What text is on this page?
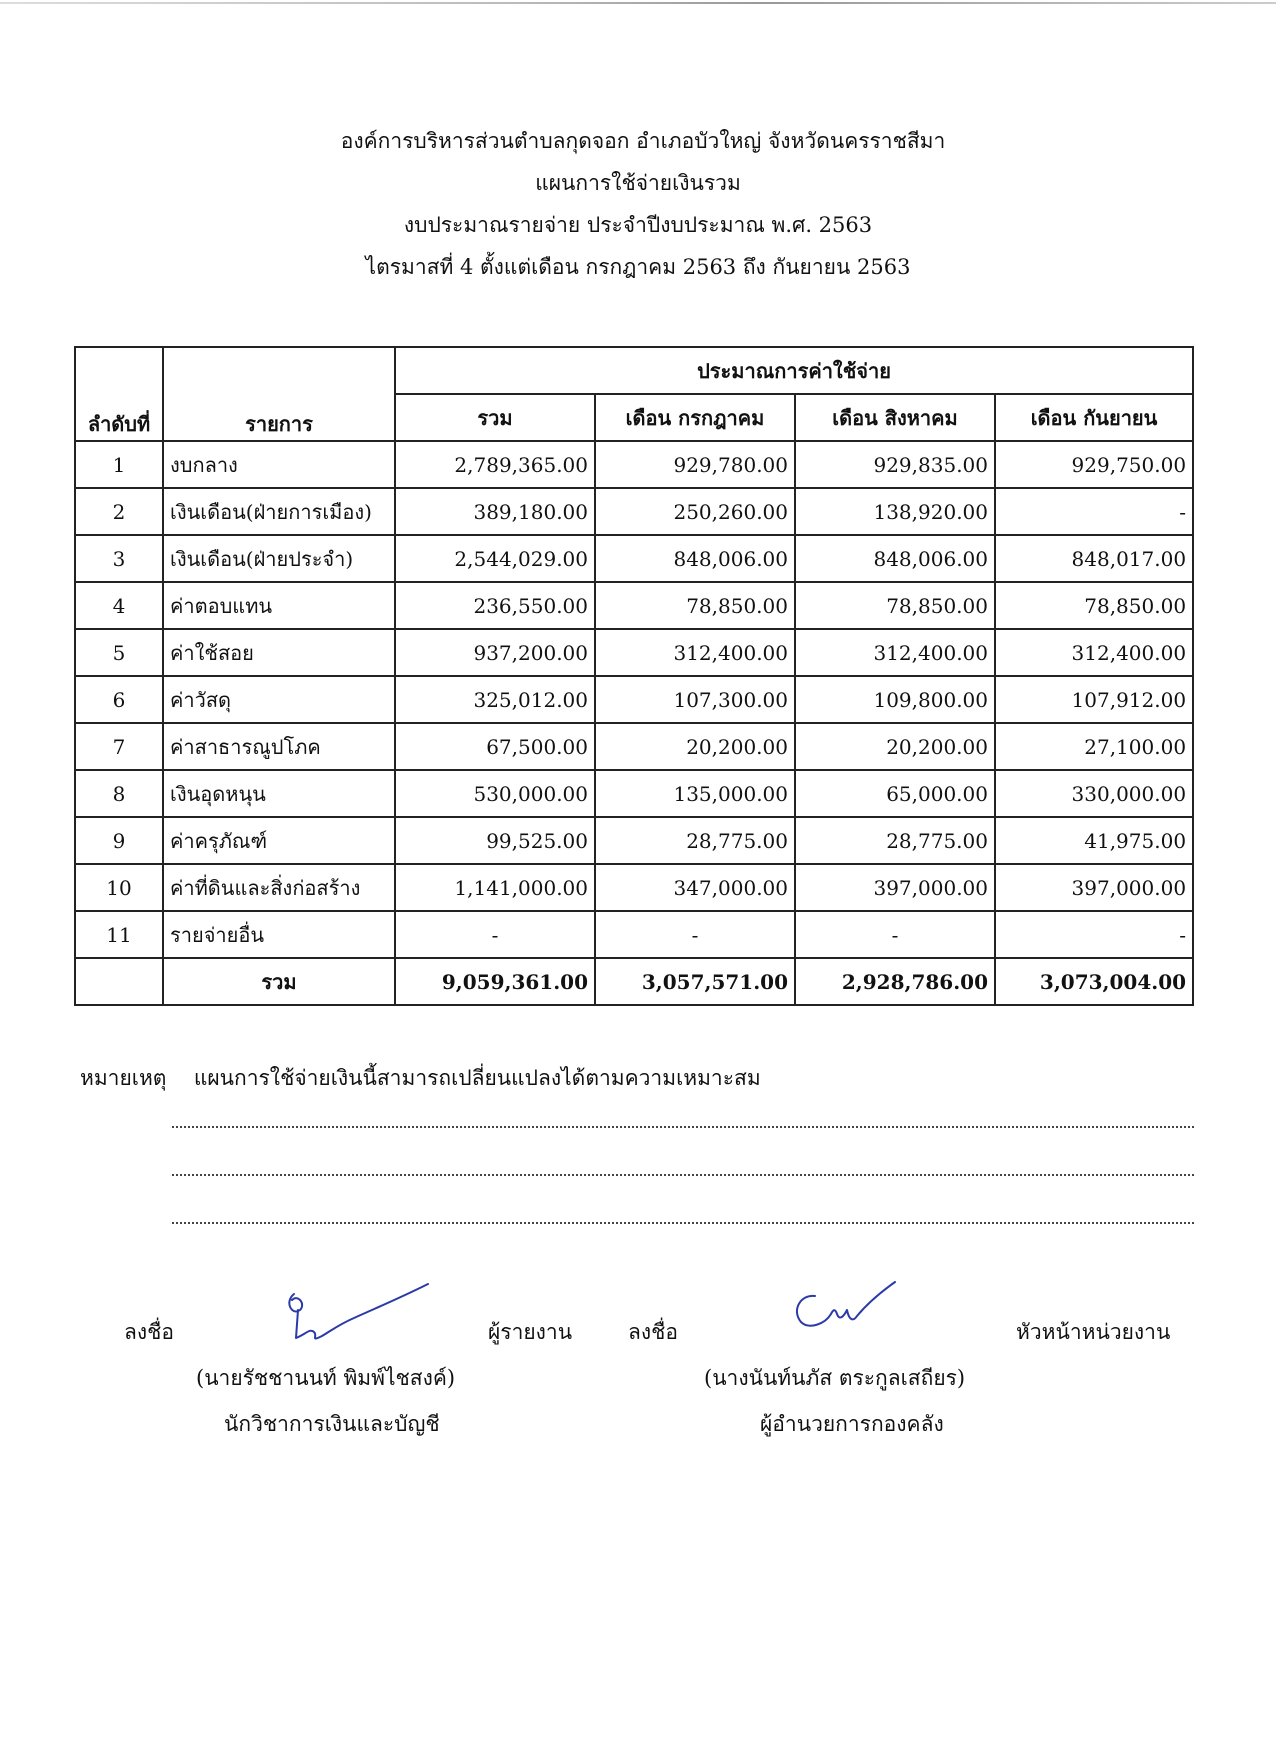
องค์การบริหารส่วนตำบลกุดจอก อำเภอบัวใหญ่ จังหวัดนครราชสีมา
แผนการใช้จ่ายเงินรวม
งบประมาณรายจ่าย ประจำปีงบประมาณ พ.ศ. 2563
ไตรมาสที่ 4 ตั้งแต่เดือน กรกฎาคม 2563 ถึง กันยายน 2563
ลำดับที่	รายการ	ประมาณการค่าใช้จ่าย			
		รวม	เดือน กรกฎาคม	เดือน สิงหาคม	เดือน กันยายน
1	งบกลาง	2,789,365.00	929,780.00	929,835.00	929,750.00
2	เงินเดือน(ฝ่ายการเมือง)	389,180.00	250,260.00	138,920.00	-
3	เงินเดือน(ฝ่ายประจำ)	2,544,029.00	848,006.00	848,006.00	848,017.00
4	ค่าตอบแทน	236,550.00	78,850.00	78,850.00	78,850.00
5	ค่าใช้สอย	937,200.00	312,400.00	312,400.00	312,400.00
6	ค่าวัสดุ	325,012.00	107,300.00	109,800.00	107,912.00
7	ค่าสาธารณูปโภค	67,500.00	20,200.00	20,200.00	27,100.00
8	เงินอุดหนุน	530,000.00	135,000.00	65,000.00	330,000.00
9	ค่าครุภัณฑ์	99,525.00	28,775.00	28,775.00	41,975.00
10	ค่าที่ดินและสิ่งก่อสร้าง	1,141,000.00	347,000.00	397,000.00	397,000.00
11	รายจ่ายอื่น	-	-	-	-
	รวม	9,059,361.00	3,057,571.00	2,928,786.00	3,073,004.00
หมายเหตุ แผนการใช้จ่ายเงินนี้สามารถเปลี่ยนแปลงได้ตามความเหมาะสม
ลงชื่อ	ผู้รายงาน
(นายรัชชานนท์ พิมพ์ไชสงค์)
นักวิชาการเงินและบัญชี
ลงชื่อ	หัวหน้าหน่วยงาน
(นางนันท์นภัส ตระกูลเสถียร)
ผู้อำนวยการกองคลัง
